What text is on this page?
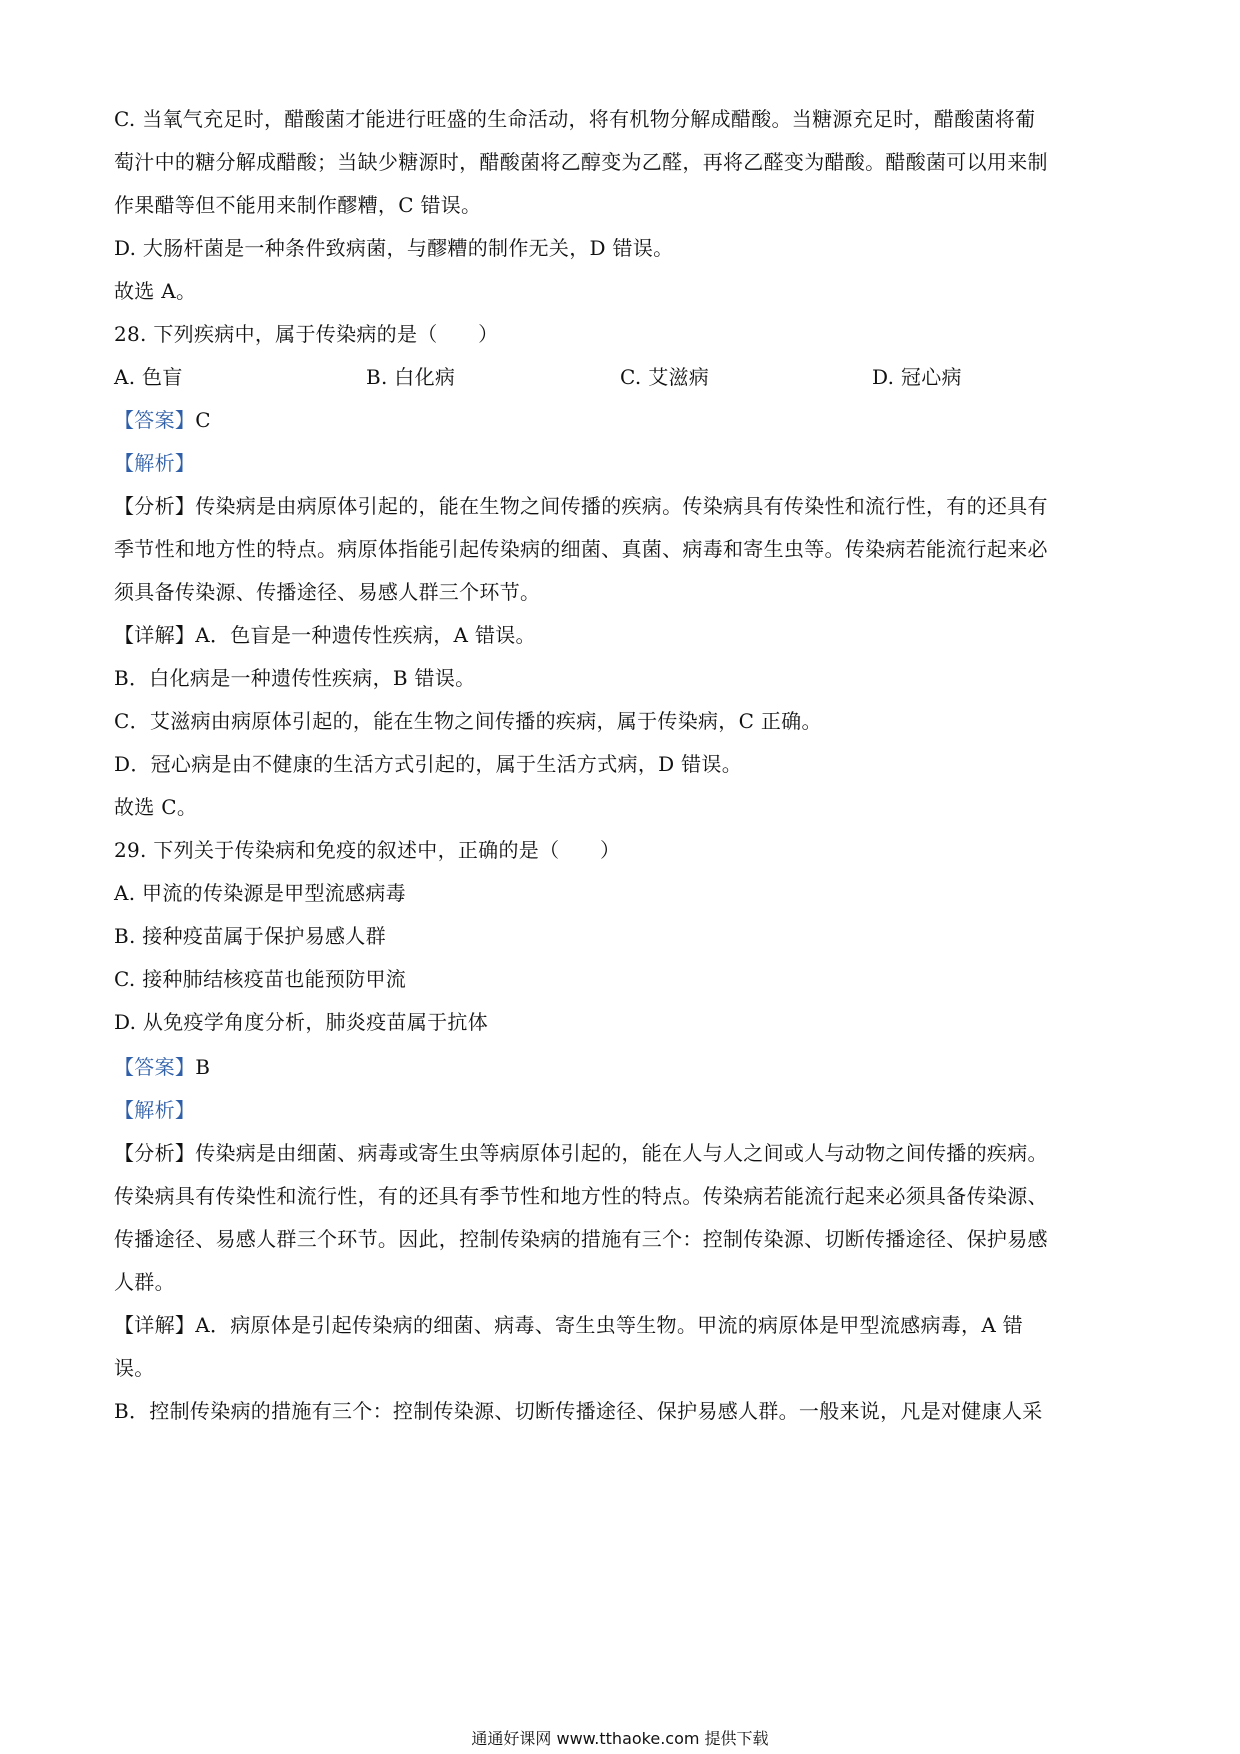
C. 当氧气充足时，醋酸菌才能进行旺盛的生命活动，将有机物分解成醋酸。当糖源充足时，醋酸菌将葡
萄汁中的糖分解成醋酸；当缺少糖源时，醋酸菌将乙醇变为乙醛，再将乙醛变为醋酸。醋酸菌可以用来制
作果醋等但不能用来制作醪糟，C 错误。
D. 大肠杆菌是一种条件致病菌，与醪糟的制作无关，D 错误。
故选 A。
28. 下列疾病中，属于传染病的是（　　）
A. 色盲	B. 白化病	C. 艾滋病	D. 冠心病
【答案】C
【解析】
【分析】传染病是由病原体引起的，能在生物之间传播的疾病。传染病具有传染性和流行性，有的还具有
季节性和地方性的特点。病原体指能引起传染病的细菌、真菌、病毒和寄生虫等。传染病若能流行起来必
须具备传染源、传播途径、易感人群三个环节。
【详解】A．色盲是一种遗传性疾病，A 错误。
B．白化病是一种遗传性疾病，B 错误。
C．艾滋病由病原体引起的，能在生物之间传播的疾病，属于传染病，C 正确。
D．冠心病是由不健康的生活方式引起的，属于生活方式病，D 错误。
故选 C。
29. 下列关于传染病和免疫的叙述中，正确的是（　　）
A. 甲流的传染源是甲型流感病毒
B. 接种疫苗属于保护易感人群
C. 接种肺结核疫苗也能预防甲流
D. 从免疫学角度分析，肺炎疫苗属于抗体
【答案】B
【解析】
【分析】传染病是由细菌、病毒或寄生虫等病原体引起的，能在人与人之间或人与动物之间传播的疾病。
传染病具有传染性和流行性，有的还具有季节性和地方性的特点。传染病若能流行起来必须具备传染源、
传播途径、易感人群三个环节。因此，控制传染病的措施有三个：控制传染源、切断传播途径、保护易感
人群。
【详解】A．病原体是引起传染病的细菌、病毒、寄生虫等生物。甲流的病原体是甲型流感病毒，A 错
误。
B．控制传染病的措施有三个：控制传染源、切断传播途径、保护易感人群。一般来说，凡是对健康人采
通通好课网 www.tthaoke.com 提供下载
